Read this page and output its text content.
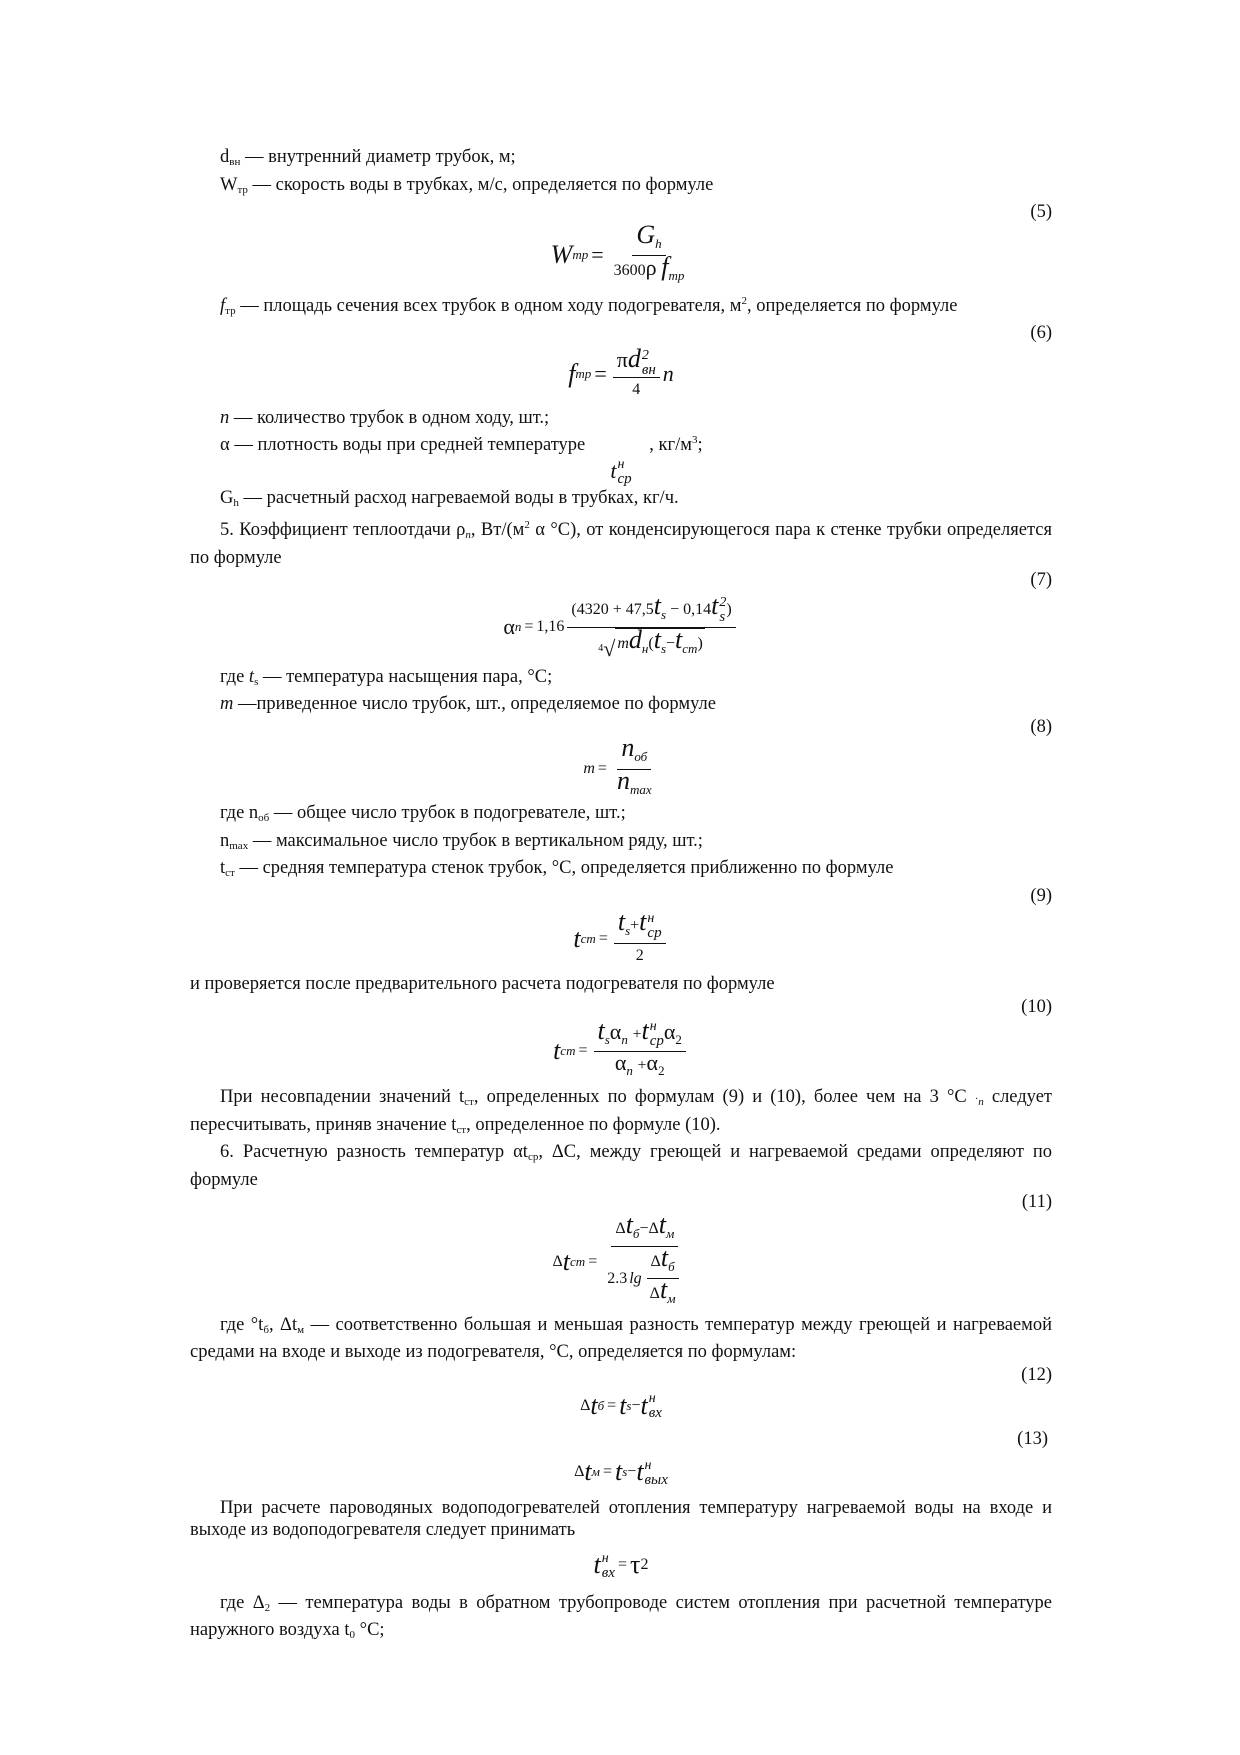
dвн — внутренний диаметр трубок, м;

Wтр — скорость воды в трубках, м/с, определяется по формуле

(5)

W тр = $\frac{G_h}{3600\rho f_{тр}}$

fтр — площадь сечения всех трубок в одном ходу подогревателя, $м^2$, определяется по формуле

(6)

f тр = πd 2
вн
4 n

n — количество трубок в одном ходу, шт.;

α — плотность воды при средней температуре	, $кг/м^3$;

t н
ср

Gh — расчетный расход нагреваемой воды в трубках, кг/ч.

5. Коэффициент теплоотдачи ρn, $Вт/(м^2$ α °С), от конденсирующегося пара к стенке трубки определяется по формуле

(7)

α n = 1,16 ($4320 + 47,5t_s - 0,14t$ 2
s )
4 √ $md_н(t_s-t_{ст})$

где ts — температура насыщения пара, °С;

m —приведенное число трубок, шт., определяемое по формуле

(8)

$m = \frac{n_{об}}{n_{max}}$

где nоб — общее число трубок в подогревателе, шт.;

nmax — максимальное число трубок в вертикальном ряду, шт.;

tст — средняя температура стенок трубок, °С, определяется приближенно по формуле

(9)

t ст = $t_s+t$ н
ср
2

и проверяется после предварительного расчета подогревателя по формуле

(10)

t ст = $t_s\alpha_n +t$ н
ср $\alpha_2$
$\alpha_n +\alpha_2$

При несовпадении значений tст, определенных по формулам (9) и (10), более чем на 3 °С ·n следует пересчитывать, приняв значение tст, определенное по формуле (10).

6. Расчетную разность температур αtср, ΔС, между греющей и нагреваемой средами определяют по формуле

(11)

Δ t ст = $\frac{\Delta t_б-\Delta t_м}{2.3 \lg \frac{\Delta t_б}{\Delta t_м}}$

где °tб, Δtм — соответственно большая и меньшая разность температур между греющей и нагреваемой средами на входе и выходе из подогревателя, °С, определяется по формулам:

(12)

Δ t б = t s − t н
вх

(13)

Δ t м = t s − t н
вых

При расчете пароводяных водоподогревателей отопления температуру нагреваемой воды на входе и выходе из водоподогревателя следует принимать

t н
вх = τ 2

где Δ2 — температура воды в обратном трубопроводе систем отопления при расчетной температуре наружного воздуха t0 °С;
